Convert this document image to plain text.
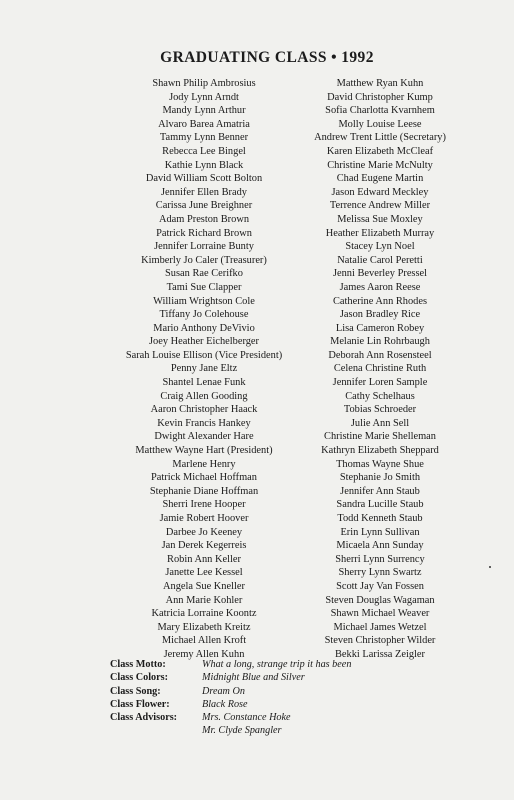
GRADUATING CLASS • 1992
Shawn Philip Ambrosius
Jody Lynn Arndt
Mandy Lynn Arthur
Alvaro Barea Amatria
Tammy Lynn Benner
Rebecca Lee Bingel
Kathie Lynn Black
David William Scott Bolton
Jennifer Ellen Brady
Carissa June Breighner
Adam Preston Brown
Patrick Richard Brown
Jennifer Lorraine Bunty
Kimberly Jo Caler (Treasurer)
Susan Rae Cerifko
Tami Sue Clapper
William Wrightson Cole
Tiffany Jo Colehouse
Mario Anthony DeVivio
Joey Heather Eichelberger
Sarah Louise Ellison (Vice President)
Penny Jane Eltz
Shantel Lenae Funk
Craig Allen Gooding
Aaron Christopher Haack
Kevin Francis Hankey
Dwight Alexander Hare
Matthew Wayne Hart (President)
Marlene Henry
Patrick Michael Hoffman
Stephanie Diane Hoffman
Sherri Irene Hooper
Jamie Robert Hoover
Darbee Jo Keeney
Jan Derek Kegerreis
Robin Ann Keller
Janette Lee Kessel
Angela Sue Kneller
Ann Marie Kohler
Katricia Lorraine Koontz
Mary Elizabeth Kreitz
Michael Allen Kroft
Jeremy Allen Kuhn
Matthew Ryan Kuhn
David Christopher Kump
Sofia Charlotta Kvarnhem
Molly Louise Leese
Andrew Trent Little (Secretary)
Karen Elizabeth McCleaf
Christine Marie McNulty
Chad Eugene Martin
Jason Edward Meckley
Terrence Andrew Miller
Melissa Sue Moxley
Heather Elizabeth Murray
Stacey Lyn Noel
Natalie Carol Peretti
Jenni Beverley Pressel
James Aaron Reese
Catherine Ann Rhodes
Jason Bradley Rice
Lisa Cameron Robey
Melanie Lin Rohrbaugh
Deborah Ann Rosensteel
Celena Christine Ruth
Jennifer Loren Sample
Cathy Schelhaus
Tobias Schroeder
Julie Ann Sell
Christine Marie Shelleman
Kathryn Elizabeth Sheppard
Thomas Wayne Shue
Stephanie Jo Smith
Jennifer Ann Staub
Sandra Lucille Staub
Todd Kenneth Staub
Erin Lynn Sullivan
Micaela Ann Sunday
Sherri Lynn Surrency
Sherry Lynn Swartz
Scott Jay Van Fossen
Steven Douglas Wagaman
Shawn Michael Weaver
Michael James Wetzel
Steven Christopher Wilder
Bekki Larissa Zeigler
Class Motto:	What a long, strange trip it has been
Class Colors:	Midnight Blue and Silver
Class Song:	Dream On
Class Flower:	Black Rose
Class Advisors:	Mrs. Constance Hoke
Mr. Clyde Spangler
